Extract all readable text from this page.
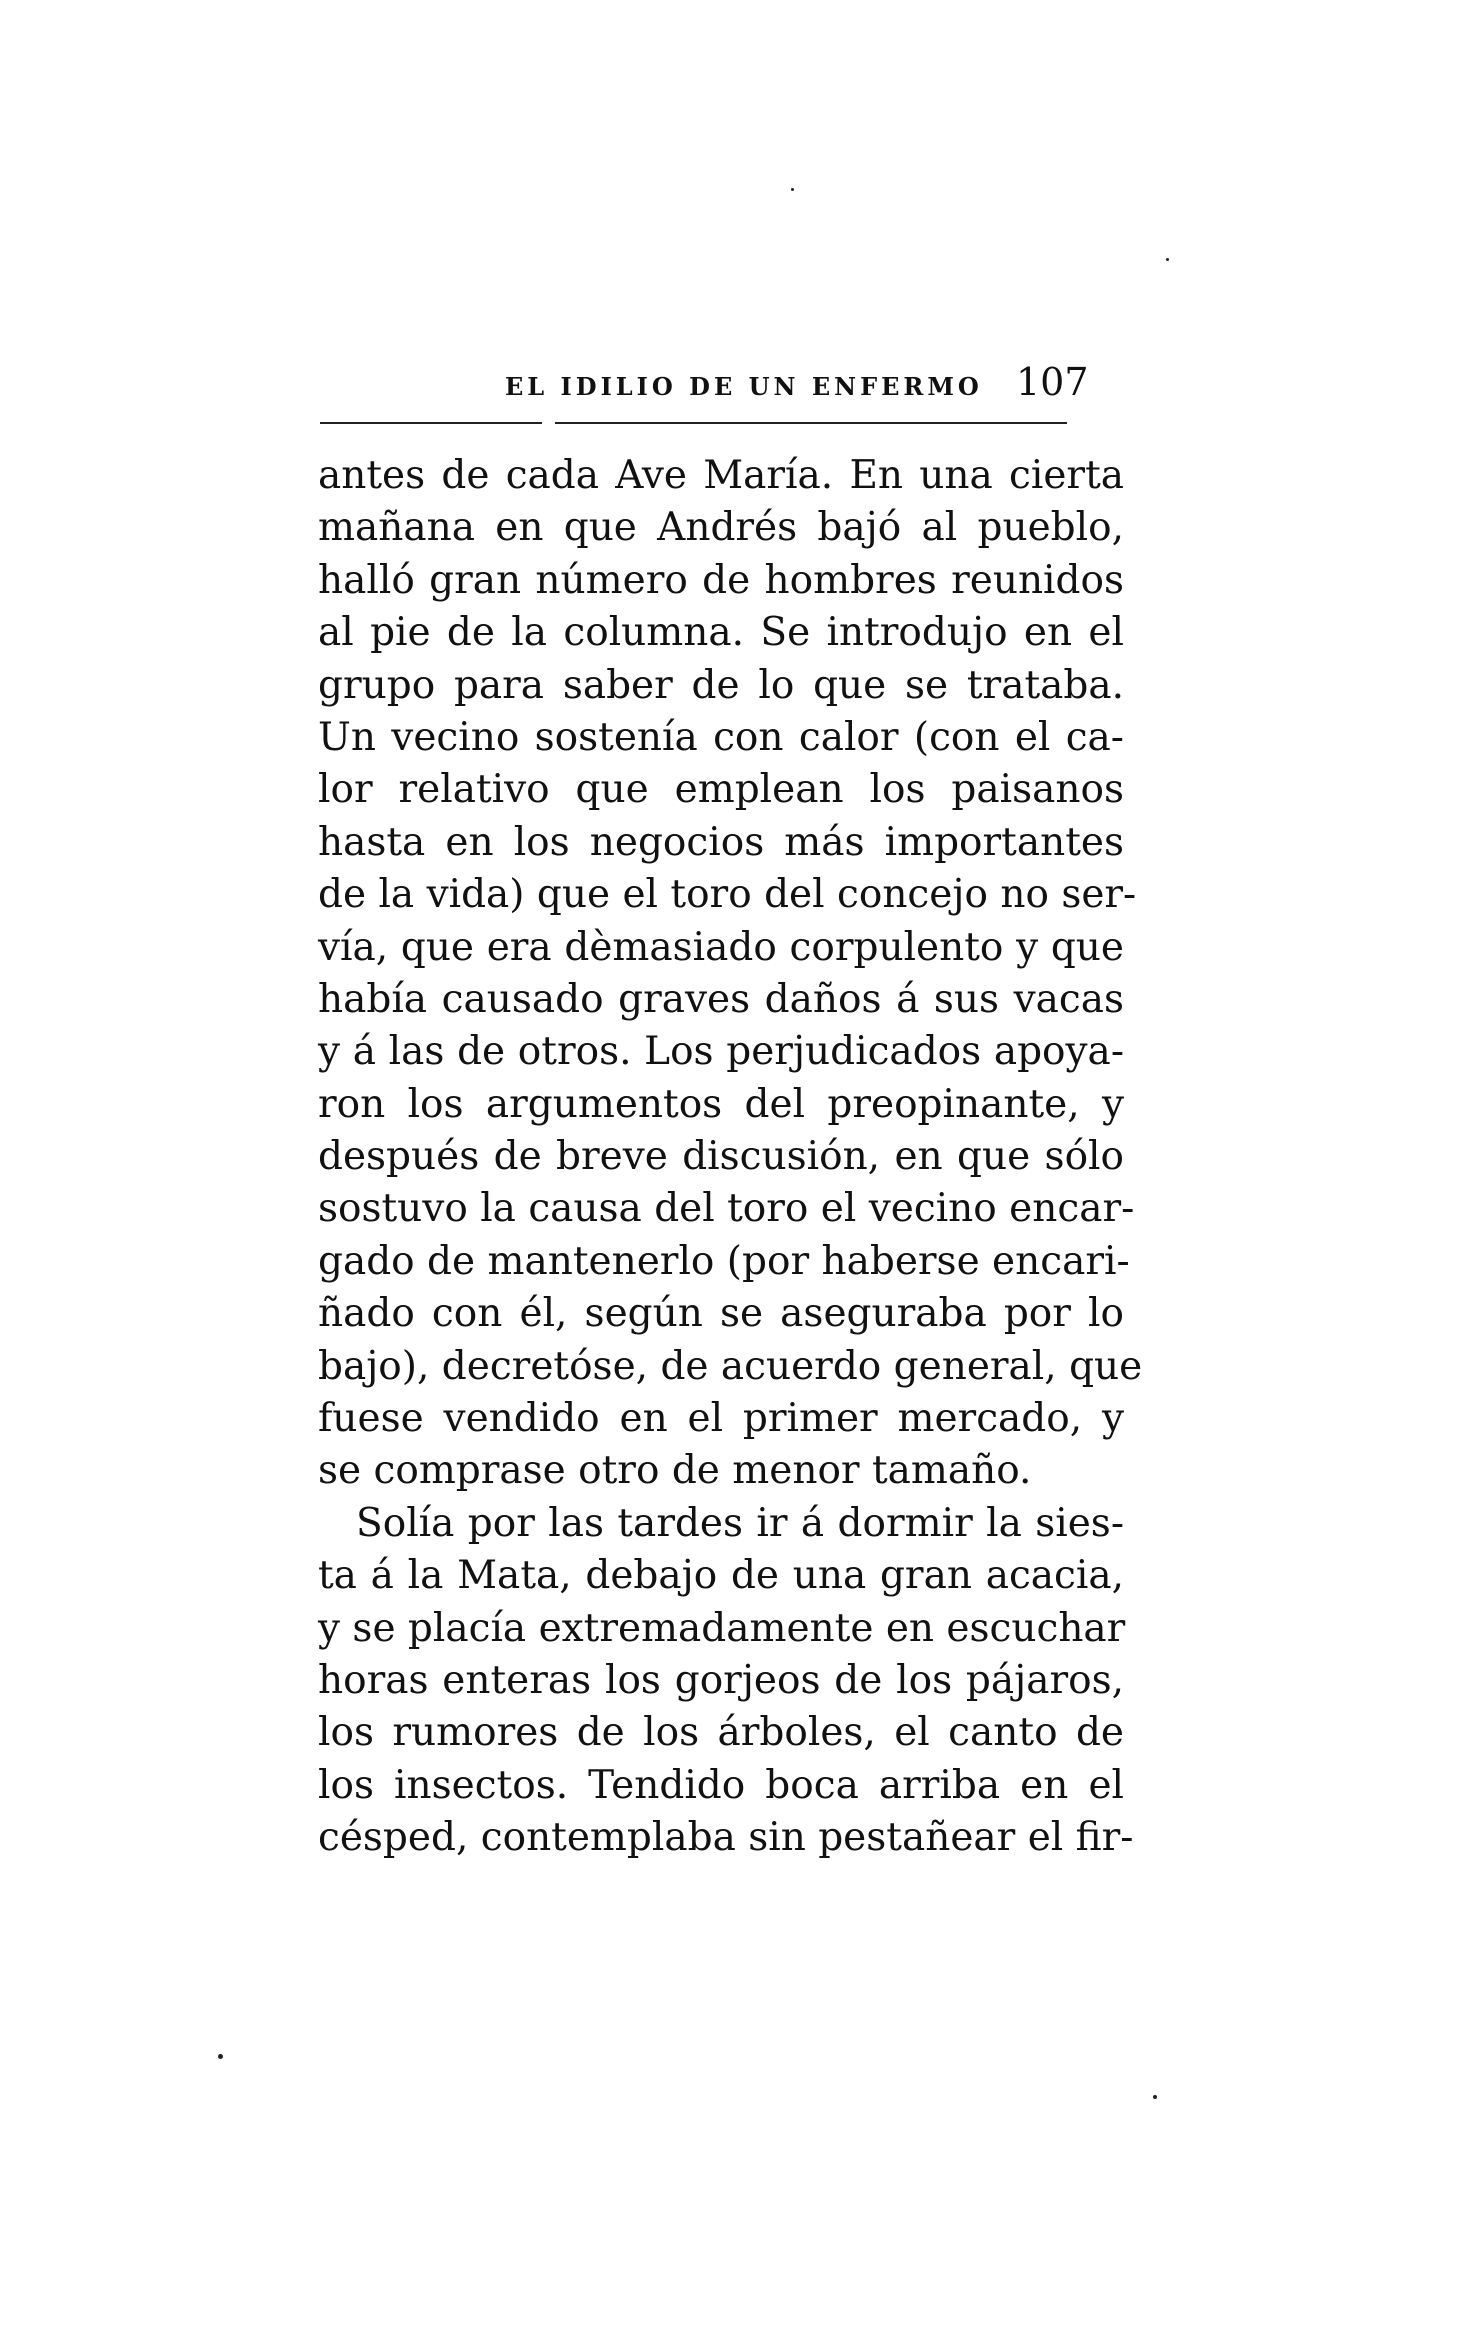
EL IDILIO DE UN ENFERMO 107
antes de cada Ave María. En una cierta
mañana en que Andrés bajó al pueblo,
halló gran número de hombres reunidos
al pie de la columna. Se introdujo en el
grupo para saber de lo que se trataba.
Un vecino sostenía con calor (con el ca-
lor relativo que emplean los paisanos
hasta en los negocios más importantes
de la vida) que el toro del concejo no ser-
vía, que era dèmasiado corpulento y que
había causado graves daños á sus vacas
y á las de otros. Los perjudicados apoya-
ron los argumentos del preopinante, y
después de breve discusión, en que sólo
sostuvo la causa del toro el vecino encar-
gado de mantenerlo (por haberse encari-
ñado con él, según se aseguraba por lo
bajo), decretóse, de acuerdo general, que
fuese vendido en el primer mercado, y
se comprase otro de menor tamaño.
Solía por las tardes ir á dormir la sies-
ta á la Mata, debajo de una gran acacia,
y se placía extremadamente en escuchar
horas enteras los gorjeos de los pájaros,
los rumores de los árboles, el canto de
los insectos. Tendido boca arriba en el
césped, contemplaba sin pestañear el fir-
